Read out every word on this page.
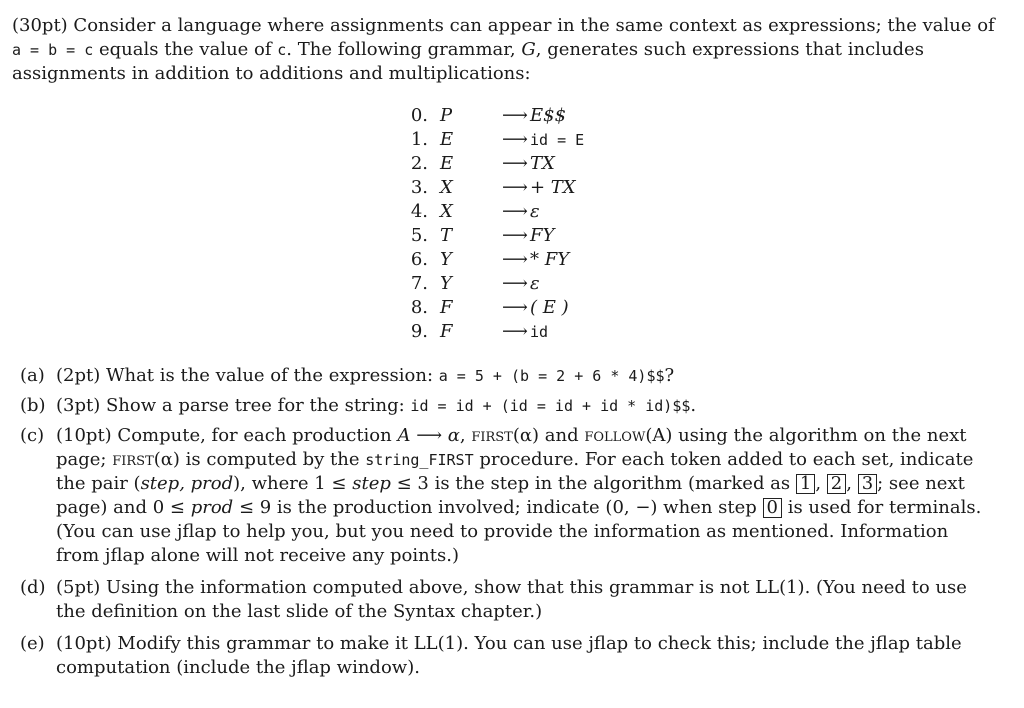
(30pt) Consider a language where assignments can appear in the same context as expressions; the value of a = b = c equals the value of c. The following grammar, G, generates such expressions that includes assignments in addition to additions and multiplications:
0. P	⟶ E$$
1. E	⟶ id = E
2. E	⟶ TX
3. X	⟶ + TX
4. X	⟶ ε
5. T	⟶ FY
6. Y	⟶ * FY
7. Y	⟶ ε
8. F	⟶ ( E )
9. F	⟶ id
(a) (2pt) What is the value of the expression: a = 5 + (b = 2 + 6 * 4)$$?
(b) (3pt) Show a parse tree for the string: id = id + (id = id + id * id)$$.
(c) (10pt) Compute, for each production A ⟶ α, first(α) and follow(A) using the algorithm on the next page; first(α) is computed by the string_FIRST procedure. For each token added to each set, indicate the pair (step, prod), where 1 ≤ step ≤ 3 is the step in the algorithm (marked as 1 , 2 , 3 ; see next page) and 0 ≤ prod ≤ 9 is the production involved; indicate (0, −) when step 0 is used for terminals. (You can use jflap to help you, but you need to provide the information as mentioned. Information from jflap alone will not receive any points.)
(d) (5pt) Using the information computed above, show that this grammar is not LL(1). (You need to use the definition on the last slide of the Syntax chapter.)
(e) (10pt) Modify this grammar to make it LL(1). You can use jflap to check this; include the jflap table computation (include the jflap window).
